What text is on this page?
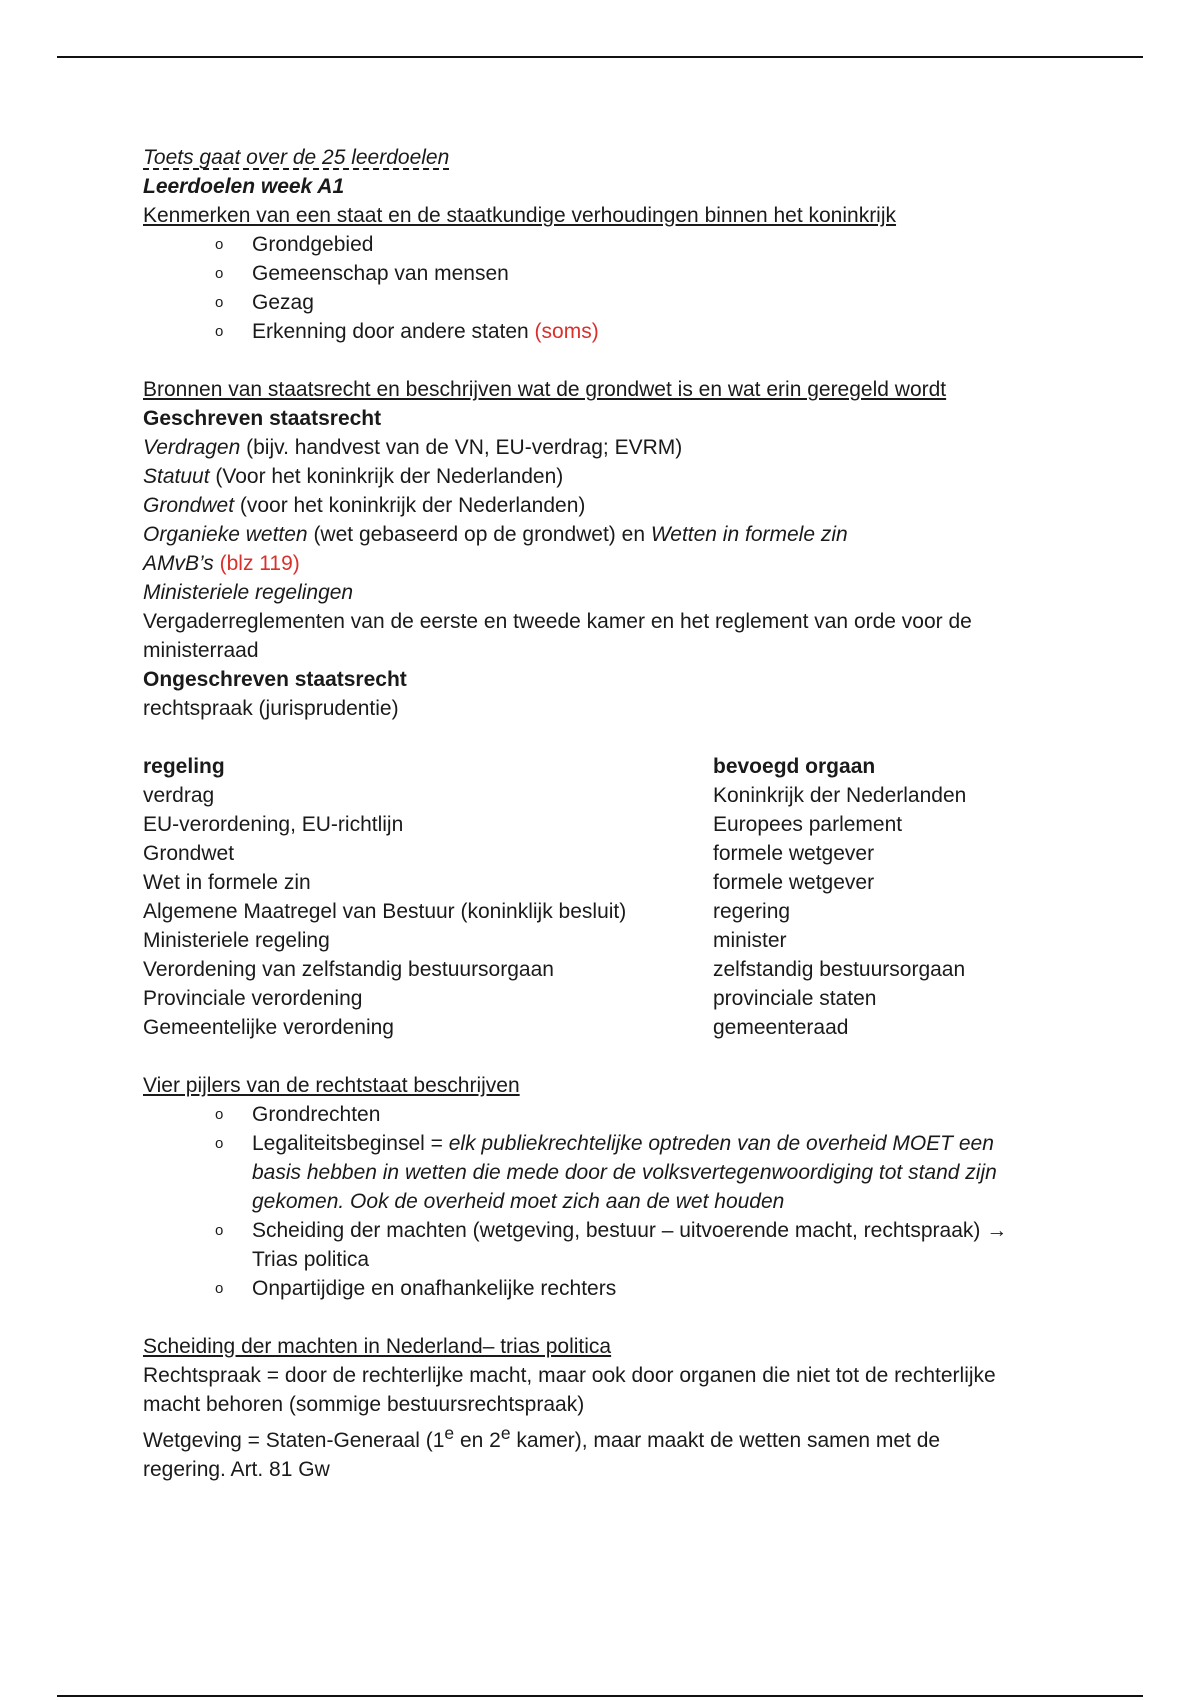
Toets gaat over de 25 leerdoelen
Leerdoelen week A1
Kenmerken van een staat en de staatkundige verhoudingen binnen het koninkrijk
o Grondgebied
o Gemeenschap van mensen
o Gezag
o Erkenning door andere staten (soms)
Bronnen van staatsrecht en beschrijven wat de grondwet is en wat erin geregeld wordt
Geschreven staatsrecht
Verdragen (bijv. handvest van de VN, EU-verdrag; EVRM)
Statuut (Voor het koninkrijk der Nederlanden)
Grondwet (voor het koninkrijk der Nederlanden)
Organieke wetten (wet gebaseerd op de grondwet) en Wetten in formele zin
AMvB’s (blz 119)
Ministeriele regelingen
Vergaderreglementen van de eerste en tweede kamer en het reglement van orde voor de
ministerraad
Ongeschreven staatsrecht
rechtspraak (jurisprudentie)
regeling	bevoegd orgaan
verdrag	Koninkrijk der Nederlanden
EU-verordening, EU-richtlijn	Europees parlement
Grondwet	formele wetgever
Wet in formele zin	formele wetgever
Algemene Maatregel van Bestuur (koninklijk besluit)	regering
Ministeriele regeling	minister
Verordening van zelfstandig bestuursorgaan	zelfstandig bestuursorgaan
Provinciale verordening	provinciale staten
Gemeentelijke verordening	gemeenteraad
Vier pijlers van de rechtstaat beschrijven
o Grondrechten
o Legaliteitsbeginsel = elk publiekrechtelijke optreden van de overheid MOET een basis hebben in wetten die mede door de volksvertegenwoordiging tot stand zijn gekomen. Ook de overheid moet zich aan de wet houden
o Scheiding der machten (wetgeving, bestuur – uitvoerende macht, rechtspraak) → Trias politica
o Onpartijdige en onafhankelijke rechters
Scheiding der machten in Nederland– trias politica
Rechtspraak = door de rechterlijke macht, maar ook door organen die niet tot de rechterlijke
macht behoren (sommige bestuursrechtspraak)
Wetgeving = Staten-Generaal (1e en 2e kamer), maar maakt de wetten samen met de
regering. Art. 81 Gw
